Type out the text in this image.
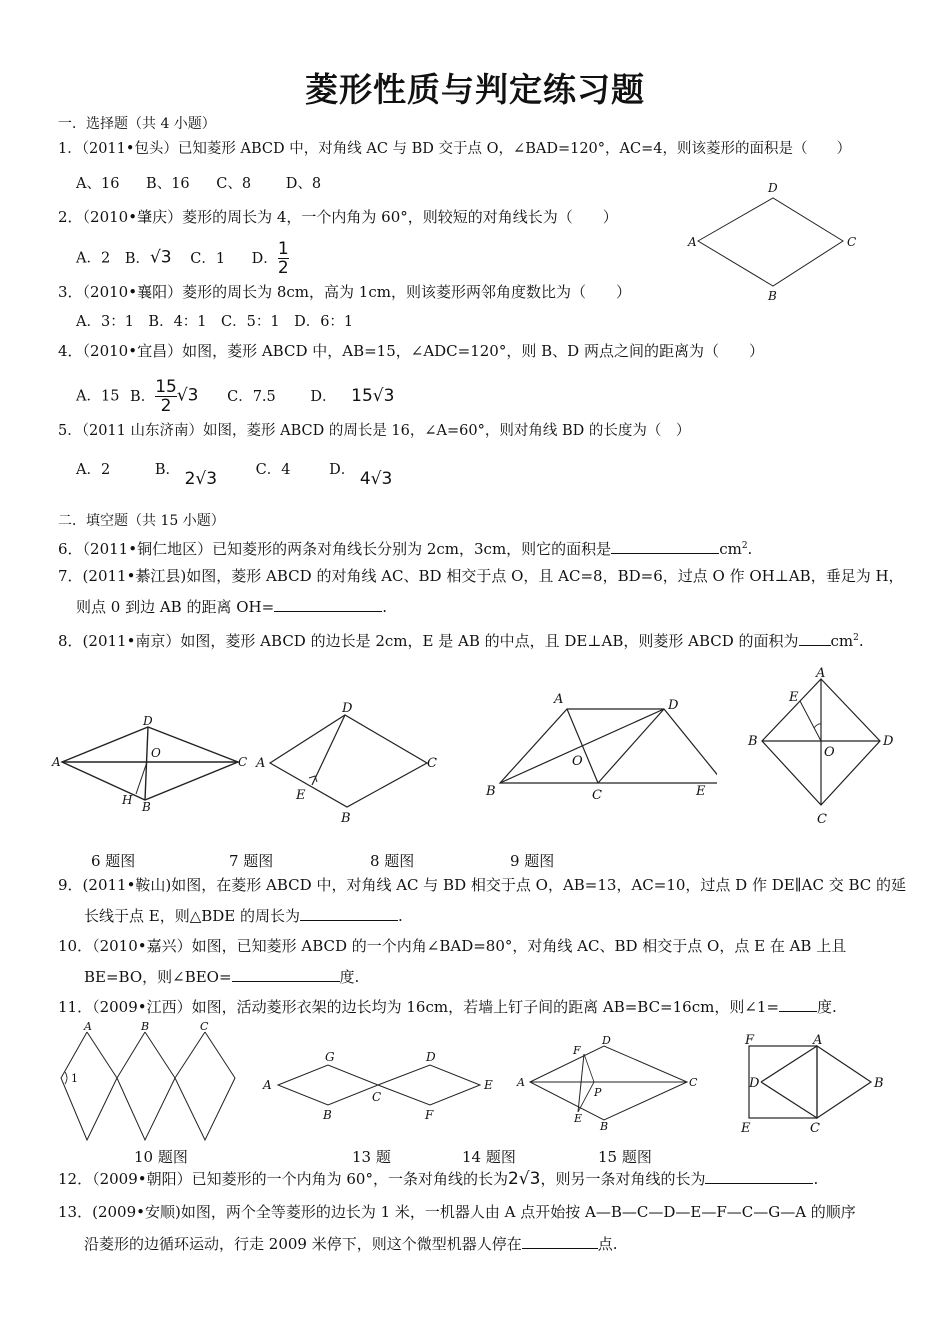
菱形性质与判定练习题
一．选择题（共 4 小题）
1．（2011•包头）已知菱形 ABCD 中，对角线 AC 与 BD 交于点 O，∠BAD=120°，AC=4，则该菱形的面积是（　　）
A、16 B、16 C、8 D、8	D
A	C
B
2．（2010•肇庆）菱形的周长为 4，一个内角为 60°，则较短的对角线长为（　　）
A．2 B．√3 C．1 D． $\frac{1}{2}$
3．（2010•襄阳）菱形的周长为 8cm，高为 1cm，则该菱形两邻角度数比为（　　）
A．3：1　B．4：1　C．5：1　D．6：1
4．（2010•宜昌）如图，菱形 ABCD 中，AB=15，∠ADC=120°，则 B、D 两点之间的距离为（　　）
A．15 B． $\frac{15}{2} √3$ C．7.5 D． 15√3
5．（2011 山东济南）如图，菱形 ABCD 的周长是 16，∠A=60°，则对角线 BD 的长度为（　）
A．2	B． 2√3	C．4	D． 4√3
二．填空题（共 15 小题）
6．（2011•铜仁地区）已知菱形的两条对角线长分别为 2cm，3cm，则它的面积是	$cm^2$.
7．(2011•綦江县)如图，菱形 ABCD 的对角线 AC、BD 相交于点 O，且 AC=8，BD=6，过点 O 作 OH⊥AB，垂足为 H，
则点 0 到边 AB 的距离 OH=	.
8．(2011•南京）如图，菱形 ABCD 的边长是 2cm，E 是 AB 的中点，且 DE⊥AB，则菱形 ABCD 的面积为 $cm^2$.
D
A
O
C
H B
D
A	C
E
B
A	D
O
B	C	E
E
A
B
O
D
C
6 题图	7 题图	8 题图	9 题图
9．(2011•鞍山)如图，在菱形 ABCD 中，对角线 AC 与 BD 相交于点 O，AB=13，AC=10，过点 D 作 DE∥AC 交 BC 的延
长线于点 E，则△BDE 的周长为	.
10．（2010•嘉兴）如图，已知菱形 ABCD 的一个内角∠BAD=80°，对角线 AC、BD 相交于点 O，点 E 在 AB 上且
BE=BO，则∠BEO=	度.
11．（2009•江西）如图，活动菱形衣架的边长均为 16cm，若墙上钉子间的距离 AB=BC=16cm，则∠1=	度.
A	B	C
1
G	D
A
C
E
B	F
D
F
A
P
C
E
B
F	A
D	B
E	C
10 题图	13 题	14 题图	15 题图
12．（2009•朝阳）已知菱形的一个内角为 60°，一条对角线的长为2√3，则另一条对角线的长为	.
13．(2009•安顺)如图，两个全等菱形的边长为 1 米，一机器人由 A 点开始按 A—B—C—D—E—F—C—G—A 的顺序
沿菱形的边循环运动，行走 2009 米停下，则这个微型机器人停在	点.
